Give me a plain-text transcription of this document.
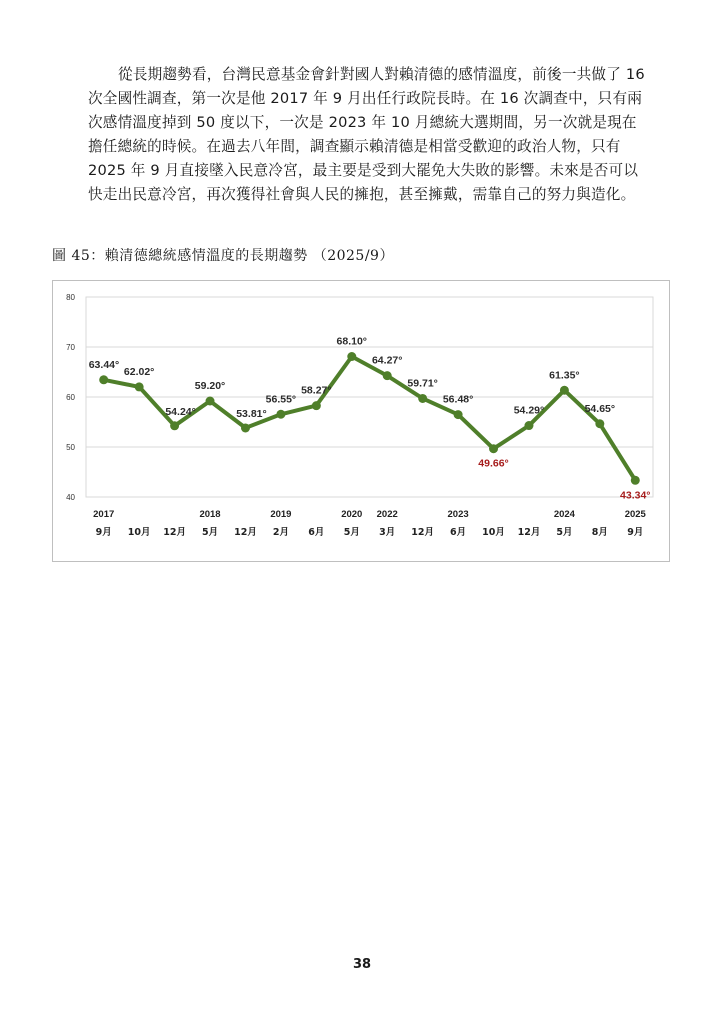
從長期趨勢看，台灣民意基金會針對國人對賴清德的感情溫度，前後一共做了 16 次全國性調查，第一次是他 2017 年 9 月出任行政院長時。在 16 次調查中，只有兩次感情溫度掉到 50 度以下，一次是 2023 年 10 月總統大選期間，另一次就是現在擔任總統的時候。在過去八年間，調查顯示賴清德是相當受歡迎的政治人物，只有 2025 年 9 月直接墜入民意冷宮，最主要是受到大罷免大失敗的影響。未來是否可以快走出民意冷宮，再次獲得社會與人民的擁抱，甚至擁戴，需靠自己的努力與造化。

圖 45：賴清德總統感情溫度的長期趨勢 （2025/9）

40
50
60
70
80
63.44°
2017
9月
62.02°
10月
54.24°
12月
59.20°
2018
5月
53.81°
12月
56.55°
2019
2月
58.27°
6月
68.10°
2020
5月
64.27°
2022
3月
59.71°
12月
56.48°
2023
6月
49.66°
10月
54.29°
12月
61.35°
2024
5月
54.65°
8月
43.34°
2025
9月
38
